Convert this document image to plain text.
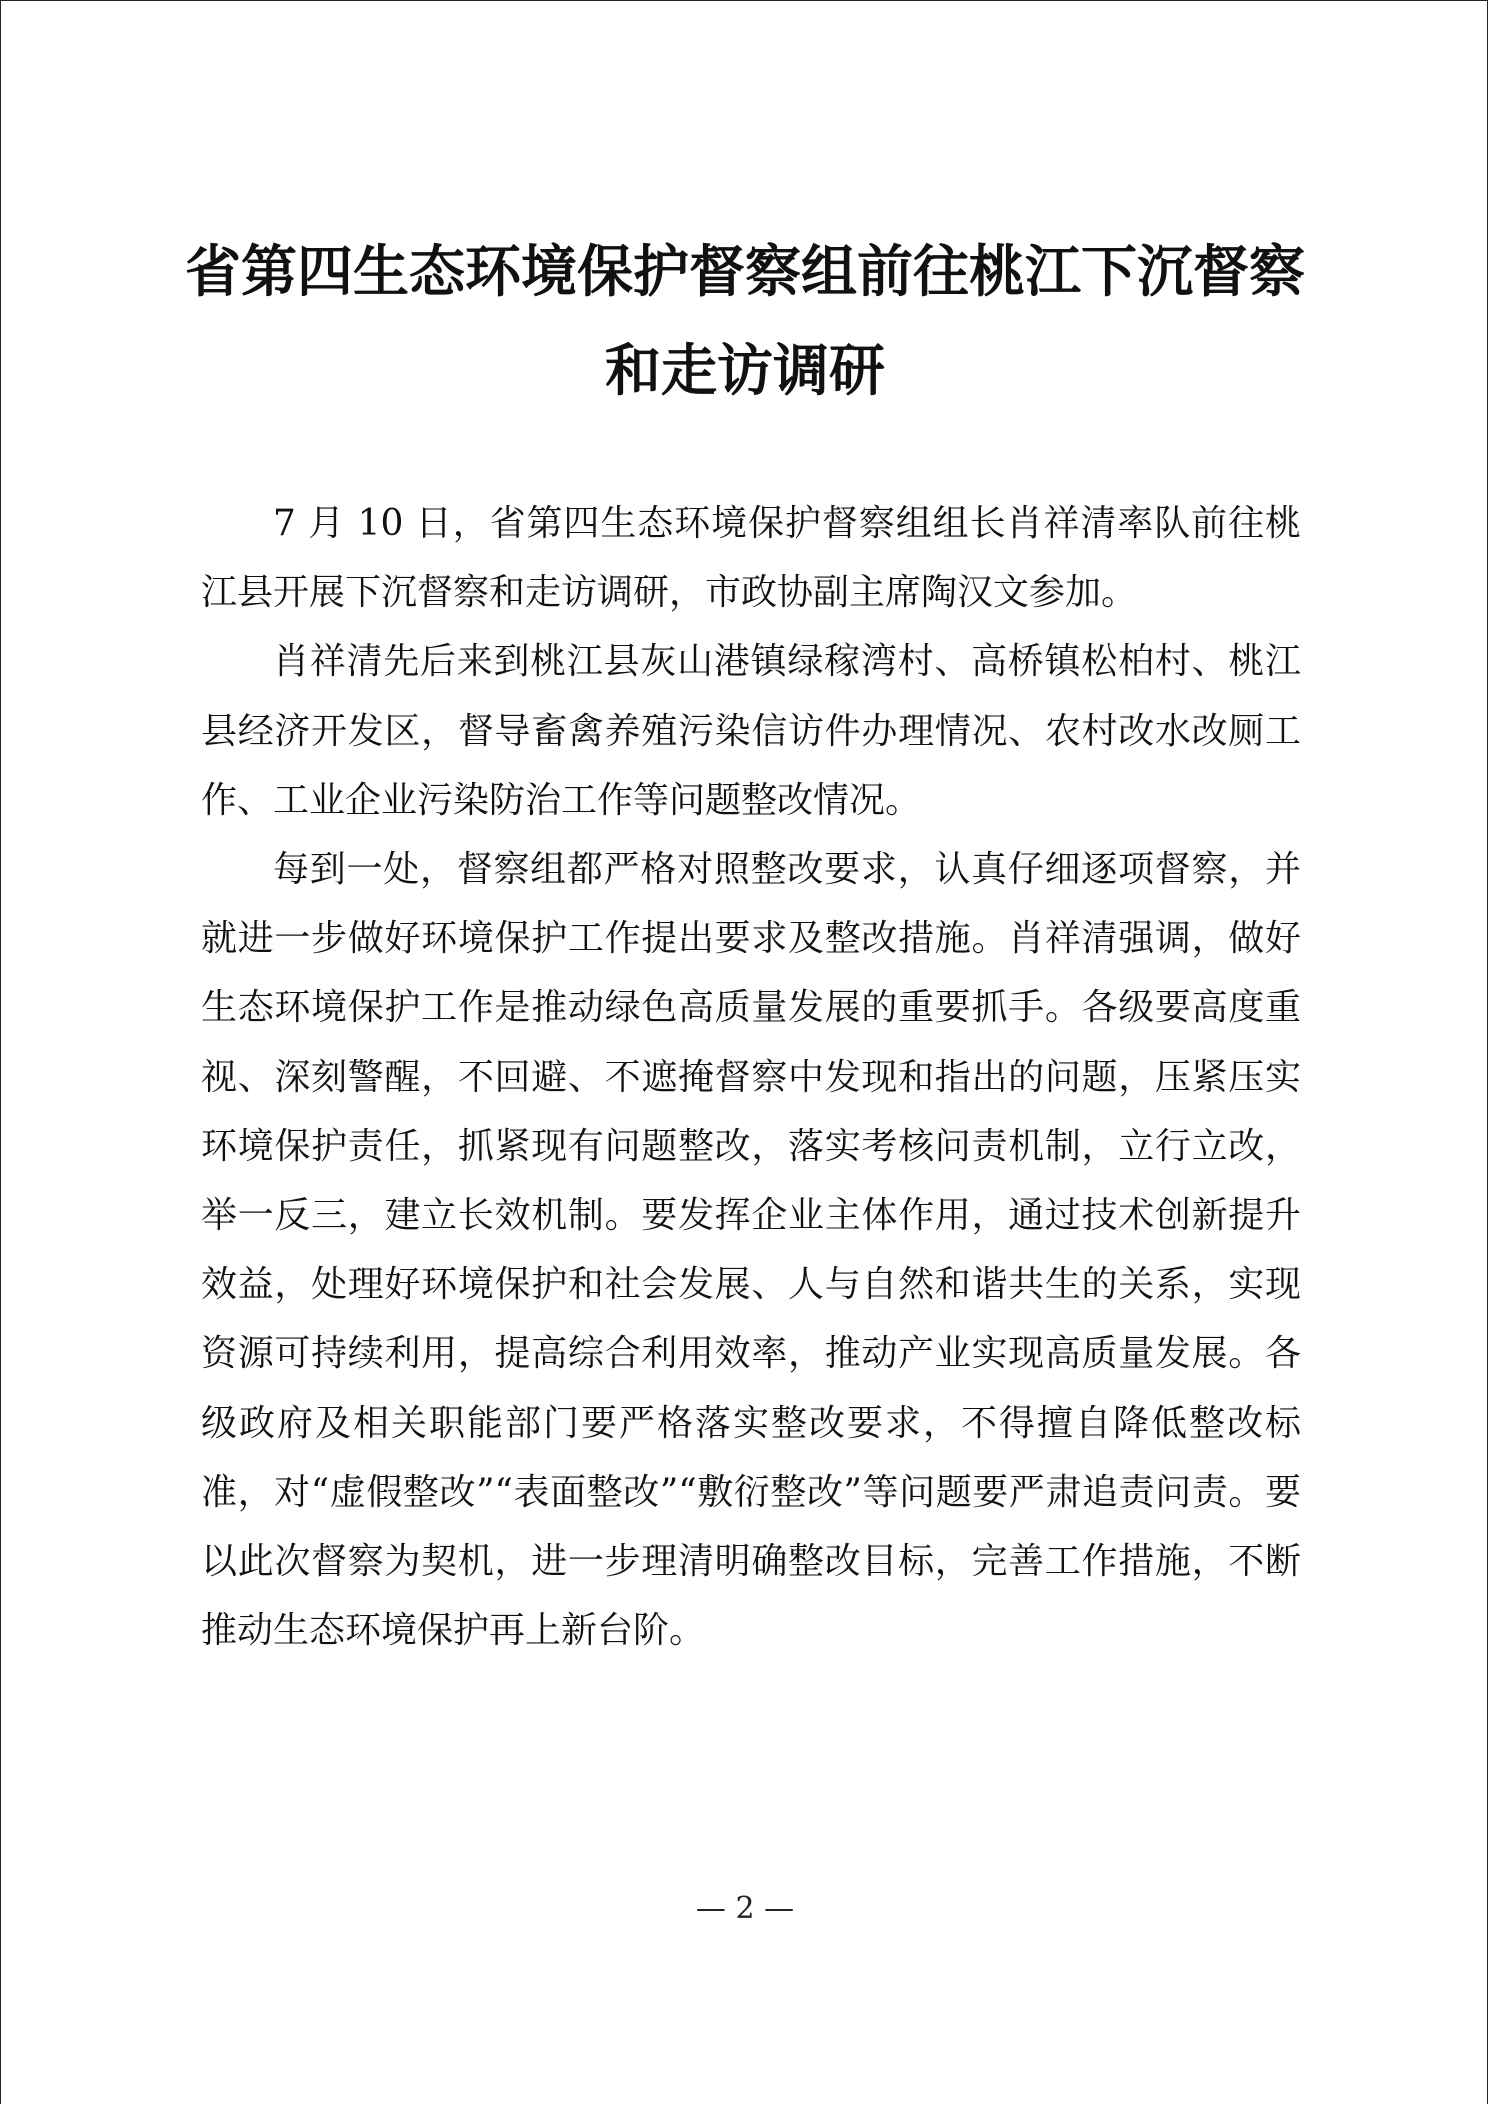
省第四生态环境保护督察组前往桃江下沉督察
和走访调研

7 月 10 日，省第四生态环境保护督察组组长肖祥清率队前往桃江县开展下沉督察和走访调研，市政协副主席陶汉文参加。

肖祥清先后来到桃江县灰山港镇绿稼湾村、高桥镇松柏村、桃江县经济开发区，督导畜禽养殖污染信访件办理情况、农村改水改厕工作、工业企业污染防治工作等问题整改情况。

每到一处，督察组都严格对照整改要求，认真仔细逐项督察，并就进一步做好环境保护工作提出要求及整改措施。肖祥清强调，做好生态环境保护工作是推动绿色高质量发展的重要抓手。各级要高度重视、深刻警醒，不回避、不遮掩督察中发现和指出的问题，压紧压实环境保护责任，抓紧现有问题整改，落实考核问责机制，立行立改，举一反三，建立长效机制。要发挥企业主体作用，通过技术创新提升效益，处理好环境保护和社会发展、人与自然和谐共生的关系，实现资源可持续利用，提高综合利用效率，推动产业实现高质量发展。各级政府及相关职能部门要严格落实整改要求，不得擅自降低整改标准，对“虚假整改”“表面整改”“敷衍整改”等问题要严肃追责问责。要以此次督察为契机，进一步理清明确整改目标，完善工作措施，不断推动生态环境保护再上新台阶。

— 2 —
